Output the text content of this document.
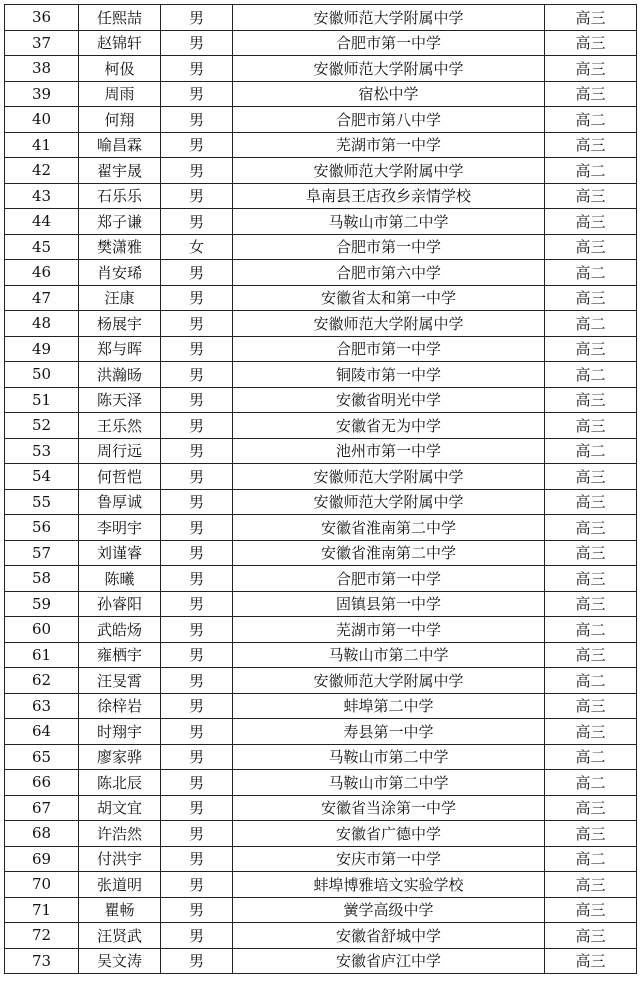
36	任熙喆	男	安徽师范大学附属中学	高三
37	赵锦轩	男	合肥市第一中学	高三
38	柯伋	男	安徽师范大学附属中学	高三
39	周雨	男	宿松中学	高三
40	何翔	男	合肥市第八中学	高二
41	喻昌霖	男	芜湖市第一中学	高三
42	翟宇晟	男	安徽师范大学附属中学	高二
43	石乐乐	男	阜南县王店孜乡亲情学校	高三
44	郑子谦	男	马鞍山市第二中学	高三
45	樊潇雅	女	合肥市第一中学	高三
46	肖安琋	男	合肥市第六中学	高二
47	汪康	男	安徽省太和第一中学	高三
48	杨展宇	男	安徽师范大学附属中学	高二
49	郑与晖	男	合肥市第一中学	高三
50	洪瀚旸	男	铜陵市第一中学	高二
51	陈天泽	男	安徽省明光中学	高三
52	王乐然	男	安徽省无为中学	高三
53	周行远	男	池州市第一中学	高二
54	何哲恺	男	安徽师范大学附属中学	高三
55	鲁厚诚	男	安徽师范大学附属中学	高三
56	李明宇	男	安徽省淮南第二中学	高三
57	刘谨睿	男	安徽省淮南第二中学	高三
58	陈曦	男	合肥市第一中学	高三
59	孙睿阳	男	固镇县第一中学	高三
60	武皓炀	男	芜湖市第一中学	高二
61	雍栖宇	男	马鞍山市第二中学	高三
62	汪旻霄	男	安徽师范大学附属中学	高二
63	徐梓岩	男	蚌埠第二中学	高三
64	时翔宇	男	寿县第一中学	高三
65	廖家骅	男	马鞍山市第二中学	高二
66	陈北辰	男	马鞍山市第二中学	高二
67	胡文宜	男	安徽省当涂第一中学	高三
68	许浩然	男	安徽省广德中学	高三
69	付洪宇	男	安庆市第一中学	高二
70	张道明	男	蚌埠博雅培文实验学校	高三
71	瞿畅	男	黉学高级中学	高三
72	汪贤武	男	安徽省舒城中学	高三
73	吴文涛	男	安徽省庐江中学	高三
